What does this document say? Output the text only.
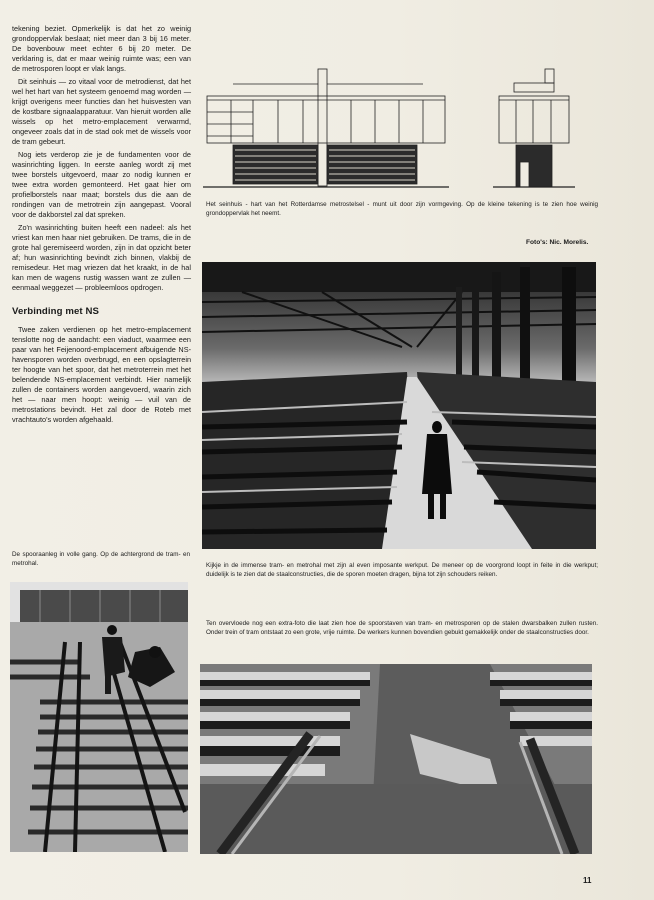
tekening beziet. Opmerkelijk is dat het zo weinig grondoppervlak beslaat; niet meer dan 3 bij 16 meter. De bovenbouw meet echter 6 bij 20 meter. De verklaring is, dat er maar weinig ruimte was; een van de metrosporen loopt er vlak langs.

Dit seinhuis — zo vitaal voor de metrodienst, dat het wel het hart van het systeem genoemd mag worden — krijgt overigens meer functies dan het huisvesten van de kostbare signaalapparatuur. Van hieruit worden alle wissels op het metro-emplacement verwarmd, ongeveer zoals dat in de stad ook met de wissels voor de tram gebeurt.

Nog iets verderop zie je de fundamenten voor de wasinrichting liggen. In eerste aanleg wordt zij met twee borstels uitgevoerd, maar zo nodig kunnen er twee extra worden gemonteerd. Het gaat hier om profielborstels naar maat; borstels dus die aan de rondingen van de metrotrein zijn aangepast. Vooral voor de dakborstel zal dat spreken.

Zo'n wasinrichting buiten heeft een nadeel: als het vriest kan men haar niet gebruiken. De trams, die in de grote hal geremiseerd worden, zijn in dat opzicht beter af; hun wasinrichting bevindt zich binnen, vlakbij de remisedeur. Het mag vriezen dat het kraakt, in de hal kan men de wagens rustig wassen want ze zullen — eenmaal weggezet — probleemloos opdrogen.

Verbinding met NS

Twee zaken verdienen op het metro-emplacement tenslotte nog de aandacht: een viaduct, waarmee een paar van het Feijenoord-emplacement afbuigende NS-havensporen worden overbrugd, en een opslagterrein ter hoogte van het spoor, dat het metroterrein met het belendende NS-emplacement verbindt. Hier namelijk zullen de containers worden aangevoerd, waarin zich het — naar men hoopt: weinig — vuil van de metrostations bevindt. Het zal door de Roteb met vrachtauto's worden afgehaald.

Het seinhuis - hart van het Rotterdamse metrostelsel - munt uit door zijn vormgeving. Op de kleine tekening is te zien hoe weinig grondoppervlak het neemt.
Foto's: Nic. Morelis.
Kijkje in de immense tram- en metrohal met zijn al even imposante werkput. De meneer op de voorgrond loopt in feite in die werkput; duidelijk is te zien dat de staalconstructies, die de sporen moeten dragen, bijna tot zijn schouders reiken.
De spooraanleg in volle gang. Op de achtergrond de tram- en metrohal.
Ten overvloede nog een extra-foto die laat zien hoe de spoorstaven van tram- en metrosporen op de stalen dwarsbalken zullen rusten. Onder trein of tram ontstaat zo een grote, vrije ruimte. De werkers kunnen bovendien gebukt gemakkelijk onder de staalconstructies door.
11
